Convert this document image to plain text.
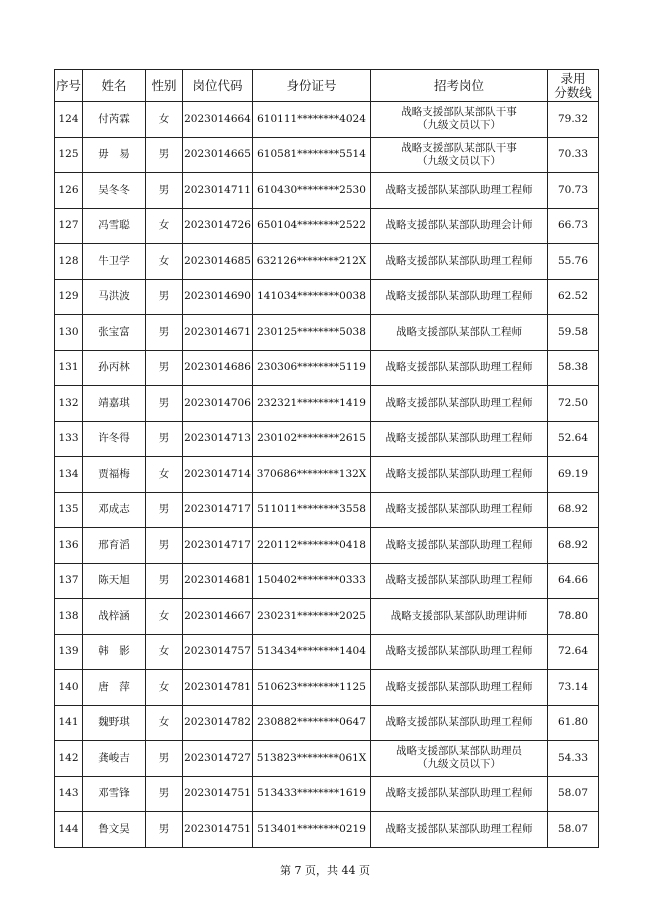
序号	姓名	性别	岗位代码	身份证号	招考岗位	录用
分数线

124	付芮霖	女	2023014664	610111********4024	战略支援部队某部队干事
（九级文员以下）	79.32
125	毋　易	男	2023014665	610581********5514	战略支援部队某部队干事
（九级文员以下）	70.33
126	吴冬冬	男	2023014711	610430********2530	战略支援部队某部队助理工程师	70.73
127	冯雪聪	女	2023014726	650104********2522	战略支援部队某部队助理会计师	66.73
128	牛卫学	女	2023014685	632126********212X	战略支援部队某部队助理工程师	55.76
129	马洪波	男	2023014690	141034********0038	战略支援部队某部队助理工程师	62.52
130	张宝富	男	2023014671	230125********5038	战略支援部队某部队工程师	59.58
131	孙丙林	男	2023014686	230306********5119	战略支援部队某部队助理工程师	58.38
132	靖嘉琪	男	2023014706	232321********1419	战略支援部队某部队助理工程师	72.50
133	许冬得	男	2023014713	230102********2615	战略支援部队某部队助理工程师	52.64
134	贾福梅	女	2023014714	370686********132X	战略支援部队某部队助理工程师	69.19
135	邓成志	男	2023014717	511011********3558	战略支援部队某部队助理工程师	68.92
136	邢育滔	男	2023014717	220112********0418	战略支援部队某部队助理工程师	68.92
137	陈天旭	男	2023014681	150402********0333	战略支援部队某部队助理工程师	64.66
138	战梓涵	女	2023014667	230231********2025	战略支援部队某部队助理讲师	78.80
139	韩　影	女	2023014757	513434********1404	战略支援部队某部队助理工程师	72.64
140	唐　萍	女	2023014781	510623********1125	战略支援部队某部队助理工程师	73.14
141	魏野琪	女	2023014782	230882********0647	战略支援部队某部队助理工程师	61.80
142	龚峻吉	男	2023014727	513823********061X	战略支援部队某部队助理员
（九级文员以下）	54.33
143	邓雪锋	男	2023014751	513433********1619	战略支援部队某部队助理工程师	58.07
144	鲁文昊	男	2023014751	513401********0219	战略支援部队某部队助理工程师	58.07
第 7 页，共 44 页
